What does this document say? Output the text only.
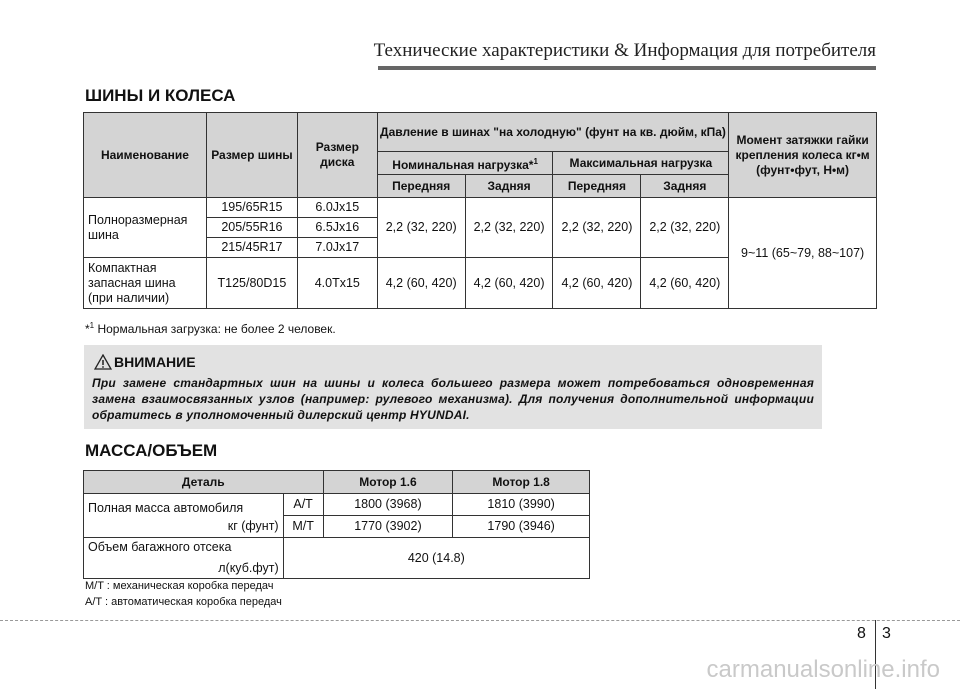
Технические характеристики & Информация для потребителя
ШИНЫ И КОЛЕСА
Наименование	Размер шины	Размер диска	Давление в шинах "на холодную" (фунт на кв. дюйм, кПа)				Момент затяжки гайки крепления колеса кг•м (фунт•фут, Н•м)
			Номинальная нагрузка*$^1$		Максимальная нагрузка		
			Передняя	Задняя	Передняя	Задняя	
Полноразмерная шина	195/65R15	6.0Jx15	2,2 (32, 220)	2,2 (32, 220)	2,2 (32, 220)	2,2 (32, 220)	9~11 (65~79, 88~107)
	205/55R16	6.5Jx16					
	215/45R17	7.0Jx17					
Компактная запасная шина (при наличии)	T125/80D15	4.0Tx15	4,2 (60, 420)	4,2 (60, 420)	4,2 (60, 420)	4,2 (60, 420)	
*$^1$ Нормальная загрузка: не более 2 человек.
ВНИМАНИЕ
При замене стандартных шин на шины и колеса большего размера может потребоваться одновременная замена взаимосвязанных узлов (например: рулевого механизма). Для получения дополнительной информации обратитесь в уполномоченный дилерский центр HYUNDAI.
МАССА/ОБЪЕМ
Деталь		Мотор 1.6	Мотор 1.8
Полная масса автомобиля	A/T	1800 (3968)	1810 (3990)
кг (фунт)	M/T	1770 (3902)	1790 (3946)

Объем багажного отсека
л(куб.фут)	420 (14.8)		
M/T : механическая коробка передач
A/T : автоматическая коробка передач
8 3
carmanualsonline.info
